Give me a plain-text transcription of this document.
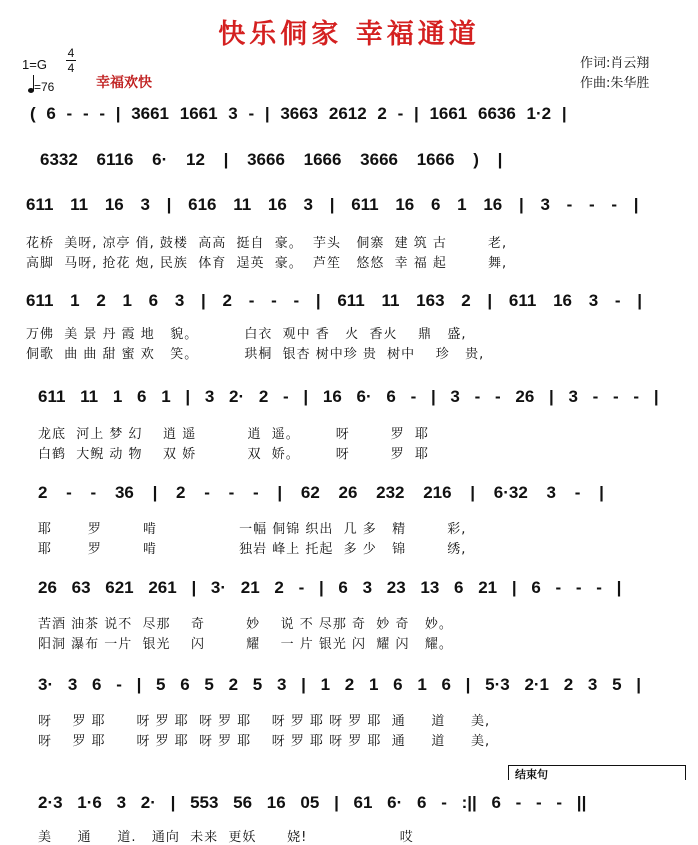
快乐侗家 幸福通道
1=G
4
4
=76	幸福欢快
作词:肖云翔
作曲:朱华胜
( 6 - - - | 3661 1661 3 - | 3663 2612 2 - | 1661 6636 1·2 |
6332 6116 6· 12 | 3666 1666 3666 1666 ) |
611 11 16 3 | 616 11 16 3 | 611 16 6 1 16 | 3 - - - |
花桥  美呀, 凉亭 俏, 鼓楼  高高  挺自  豪。  芋头   侗寨  建 筑 古        老,
高脚  马呀, 抢花 炮, 民族  体育  逞英  豪。  芦笙   悠悠  幸 福 起        舞,
611 1 2 1 6 3 | 2 - - - | 611 11 163 2 | 611 16 3 - |
万佛  美 景 丹 霞 地   貌。         白衣  观中 香   火  香火    鼎   盛,
侗歌  曲 曲 甜 蜜 欢   笑。         珙桐  银杏 树中珍 贵  树中    珍   贵,
611 11 1 6 1 | 3 2· 2 - | 16 6· 6 - | 3 - - 26 | 3 - - - |
龙底  河上 梦 幻    逍 遥          逍  遥。       呀        罗  耶
白鹤  大鲵 动 物    双 娇          双  娇。       呀        罗  耶
2 - - 36 | 2 - - - | 62 26 232 216 | 6·32 3 - |
耶       罗        啃                一幅 侗锦 织出  几 多   精        彩,
耶       罗        啃                独岩 峰上 托起  多 少   锦        绣,
26 63 621 261 | 3· 21 2 - | 6 3 23 13 6 21 | 6 - - - |
苦酒 油茶 说不  尽那    奇        妙    说 不 尽那 奇  妙 奇   妙。
阳洞 瀑布 一片  银光    闪        耀    一 片 银光 闪  耀 闪   耀。
3· 3 6 - | 5 6 5 2 5 3 | 1 2 1 6 1 6 | 5·3 2·1 2 3 5 |
呀    罗 耶      呀 罗 耶  呀 罗 耶    呀 罗 耶 呀 罗 耶  通     道     美,
呀    罗 耶      呀 罗 耶  呀 罗 耶    呀 罗 耶 呀 罗 耶  通     道     美,
结束句
2·3 1·6 3 2· | 553 56 16 05 | 61 6· 6 - :|| 6 - - - ||
美     通     道.   通向  未来  更妖      娆!                  哎
